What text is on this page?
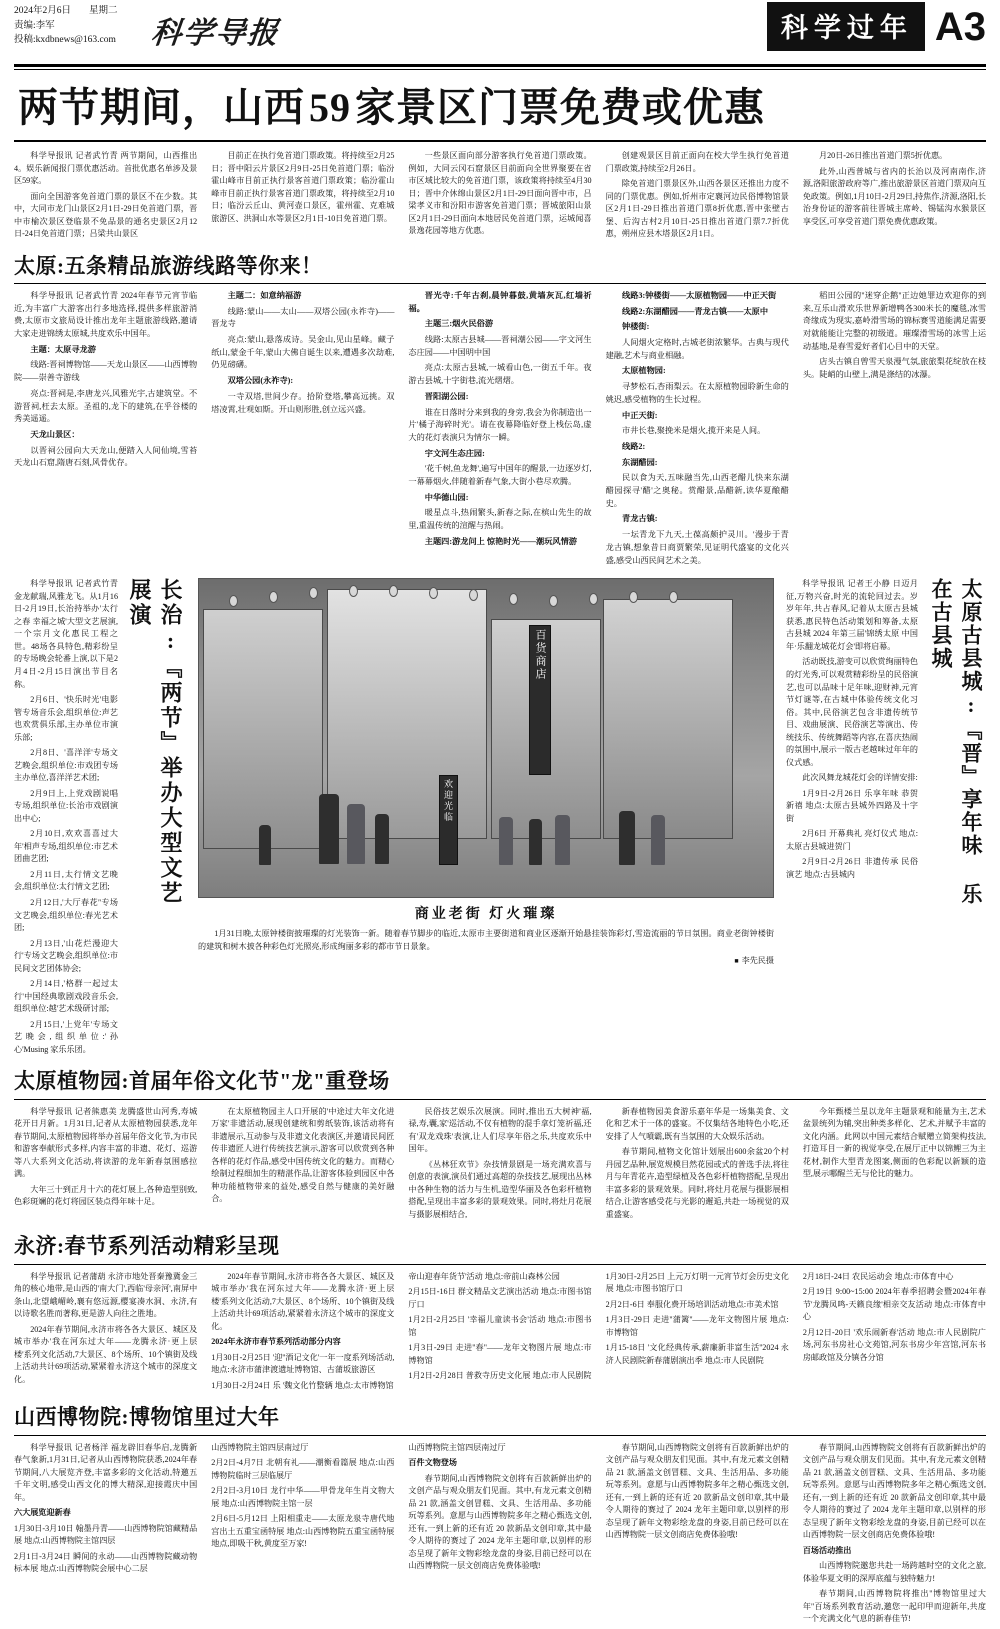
2024年2月6日 星期二
责编:李军
投稿:kxdbnews@163.com	科学导报	科学过年 A3
两节期间，山西 59 家景区门票免费或优惠

科学导报讯 记者武竹青 两节期间，山西推出4。娱乐新闻报门票优惠活动。首批优惠名单涉及景区59家。

面向全国游客免首道门票的景区不在少数。其中，大同市龙门山景区2月1日-29日免首道门票，晋中市榆次景区登临景不免品景的通名史景区2月12日-24日免首道门票；吕梁共山景区

目前正在执行免首道门票政策。将持续至2月25日；晋中阳云片景区2月9日-25日免首道门票；临汾霍山峰市目前正执行景客首道门票政策；临汾霍山峰市目前正执行景客首道门票政策，将持续至2月10日；临汾云丘山、黄河壶口景区，霍州霍、克难城旅游区、洪洞山水等景区2月1日-10日免首道门票。

一些景区面向部分游客执行免首道门票政策。例如，大同云冈石窟景区目前面向全世界聚要在省市区域比较大的免首道门票，该政策将持续至4月30日；晋中介休绵山景区2月1日-29日面向晋中市，吕梁孝义市和汾阳市游客免首道门票；晋城旅阳山景区2月1日-29日面向本地居民免首道门票，运城闻喜景逸花园等地方优惠。

创建观景区目前正面向在校大学生执行免首道门票政策,持续至2月26日。

除免首道门票景区外,山西各景区还推出力度不同的门票优惠。例如,忻州市定襄河边民俗博物馆景区2月1日-29日推出首道门票8折优惠,晋中张壁古堡、后沟古村2月10日-25日推出首道门票7.7折优惠，朔州应县木塔景区2月1日。

月20日-26日推出首道门票5折优惠。

此外,山西普城与省内的长治以及河南南作,济源,洛阳旅游政府等广,推出旅游景区首道门票双向互免政策。例如,1月10日-2月29日,持焦作,济源,洛阳,长治身份证的游客前往晋城主席岭、锡锰沟水猴景区享受区,可享受首道门票免费优惠政策。

太原:五条精品旅游线路等你来！

科学导报讯 记者武竹青 2024年春节元宵节临近,为丰富广大游客出行多地选择,提供多样旅游消费,太原市文旅局设计推出龙年主题旅游线路,邀请大家走进锦绣太原城,共度欢乐中国年。

主题：太原寻龙游

线路:晋祠博物馆——天龙山景区——山西博物院——崇善寺游线

亮点:晋祠是,李唐龙兴,风雅光宇,古建筑堂。不游晋祠,枉去太原。圣祖的,龙下的建筑,在乎谷楼的秀美遥遥。

天龙山景区：

以晋祠公园向大天龙山,便踏入人间仙境,雪苔天龙山石窟,隋唐石刻,风骨优存。

主题二：如意纳福游

线路:蒙山——太山——双塔公园(永祚寺)——晋龙寺

亮点:蒙山,悬落成诗。吴金山,见山星峰。藏子纸山,蒙金千年,蒙山大佛自诞生以来,遭遇多次劫难,仍见磅礴。

双塔公园(永祚寺):

一寺双塔,世间少存。拾阶登塔,攀高远挑。双塔凌霄,壮观如斯。开山则形胜,创立远兴盛。

晋光寺:千年古刹,晨钟暮鼓,黄墙灰瓦,红墙祈福。

主题三:烟火民俗游

线路:太原古县城——晋祠潮公园——字文河生态庄园——中国明中国

亮点:太原古县城,一城看山色,一街五千年。夜游古县城,十字街巷,流光熠熠。

晋阳湖公园:

谁在日落时分来到我的身旁,我会为你制造出一片'橘子海碎时光'。请在夜幕降临好登上栈伝岛,虚大的花灯表演只为情尔一瞬。

宇文河生态庄园:

'花千树,鱼龙舞',遍写中国年的醒景,一边逐岁灯,一幕幕烟火,伴随着新春气象,大街小巷尽欢腾。

中华德山园:

暖星点斗,热闹繁头,新春之际,在槟山先生的故里,重温传统的渲醒与热闹。

主题四:游龙问上 惊艳时光——潮玩风情游

线路3:钟楼街——太原植物园——中正天街

线路2:东湖醋园——青龙古镇——太原中

钟楼街:

人间烟火定格时,古城老街浓繁华。古典与现代建融,艺术与商业相融。

太原植物园:

寻梦松石,杏雨梨云。在太原植物园聆新生命的姚迟,感受植物的生长过程。

中正天街:

市井长巷,聚挽米是烟火,揽开来是人间。

线路2:

东湖醋园:

民以食为天,五味融当先,山西老醋儿快来东湖醋园探寻'醋'之奥秘。赏醋景,品醋新,读华夏酿醋史。

青龙古镇:

一坛青龙下九天,土葆高颇护灵川。'漫步于青龙古镇,想象昔日商贾繁荣,见证明代盛宴的文化兴盛,感受山西民间艺术之美。

稻田公园的''迷穿企鹅''正边她罪边欢迎你的到来,互乐山滑欢乐世界新增鸭各300米长的魔毯,冰雪奇缘成为现实,嘉岭滑雪场的锦标赛雪道能满足需要对就能能让完整的初级道。璀璨滑雪场的冰雪上运动基地,是春雪爱好者们心目中的天堂。

店头古镇自曾雪天泉漫气氛,旅旅梨花绽放在枝头。陡峭的山壁上,满是涤结的冰瀑。

科学导报讯 记者武竹青 金龙献瑞,风雅龙飞。从1月16日-2月19日,长治持举办'太行之春 幸福之城'大型文艺展演,一个宗月文化惠民工程之世。48场各具特色,精彩纷呈的专场晚会轮番上演,以下是2月4日-2月15日演出节目名称。

2月6日、'快乐时光'电影管专场音乐会,组织单位:声艺也欢赏俱乐部,主办单位市演乐部;

2月8日、'喜洋洋'专场文艺晚会,组织单位:市戏团专场主办单位,喜洋洋艺术团;

2月9日上,上党戏剧说唱专场,组织单位:长治市戏剧演出中心;

2月10日,欢欢喜喜过大年'相声专场,组织单位:市艺术团曲艺团;

2月11日,太行情文艺晚会,组织单位:太行情文艺团;

2月12日,'大厅春花''专场文艺晚会,组织单位:春光艺术团;

2月13日,'山花烂漫迎大行'专场文艺晚会,组织单位:市民间文艺团体协会;

2月14日,'格群一起过太行'中国经典歌剧戏段音乐会,组织单位:越'艺术级研讨部;

2月15日,'上党年'专场文艺晚会,组织单位:'孙心'Musing 家乐乐团。

长治:『两节』举办大型文艺展演
百货商店
欢迎光临
商业老街 灯火璀璨
1月31日晚,太原钟楼街披璀璨的灯光装饰一新。随着春节脚步的临近,太原市主要街道和商业区逐渐开始悬挂装饰彩灯,雪造流丽的节日氛围。商业老街钟楼街的建筑和树木披各种彩色灯光照亮,形成绚丽多彩的都市节日景象。
■ 李先民摄

科学导报讯 记者王小静 日迈月征,万物兴奋,时光的流轮回过去。岁岁年年,共占春风,记着从太原古县城获悉,惠民特色活动策划和筹备,太原古县城 2024 年第三届'锦绣太原 中国年·乐翻龙城花灯会'即将启幕。

活动既技,游变可以欣赏绚丽特色的灯光秀,可以观赏精彩纷呈的民俗演艺,也可以品味十足年味,迎财神,元宵节灯谜等,在古城中体验传统文化习俗。其中,民俗演艺包含非遗传统节目、戏曲展演、民俗演艺等演出、传统技乐、传统舞蹈等内容,在喜庆热闹的氛围中,展示一版古老越味过年年的仪式感。

此次风舞龙城花灯会的详情安排:

1月9日-2月26日 乐享年味 恭贺新禧 地点:太原古县城外四路及十字街

2月6日 开幕典礼 亮灯仪式 地点:太原古县城进贺门

2月9日-2月26日 非遗传承 民俗演艺 地点:古县城内	太原古县城:『晋』享年味 乐在古县城
太原植物园:首届年俗文化节"龙"重登场

科学导报讯 记者熊惠美 龙腾盛世山河秀,寿城花开日月新。1月31日,记者从太原植物园获悉,龙年春节期间,太原植物园将举办首届年俗文化节,为市民和游客奉献形式多样,内容丰富的非遗、花灯、巡游等八大系列文化活动,将读游的龙年新春氛围感拉满。

大年三十到正月十六的花灯展上,各种造型别致,色彩斑斓的花灯将园区装点得年味十足。

在太原植物园主人口开展的'中途过大年文化进万家'非遗活动,展现创建统和剪纸装饰,该活动将有非遗展示,互动参与及非遗文化表演区,并邀请民间匠传非遗匠人进行传统技艺演示,游客可以欣赏到各种各样的花灯作品,感受中国传统文化的魅力。而精心绘制过程细加生的精湛作品,让游客体验到园区中各种功能植物带来的益处,感受自然与健康的美好融合。

民俗技艺娱乐次展演。同时,推出五大树神'福,禄,寿,囊,家'巡活动,不仅有植物的混手拿灯笼祈福,还有'双龙戏珠'表演,让人们尽享年俗之乐,共度欢乐中国年。

《丛林狂欢节》杂技情景剧是一场充满欢喜与创意的表演,演员们通过高超的杂技技艺,展现出丛林中各种生物的活力与生机,造型华丽及各色彩杆植物搭配,呈现出丰富多彩的景观效果。同时,将灶月花展与摄影展相结合,

新春植物园美食游乐嘉年华是一场集美食、文化和艺术于一体的盛宴。不仅集结各地特色小吃,还安排了人气噴霸,既有当氛围的大众娱乐活动。

春节期间,植物文化馆计划展出600余盆20个村丹园艺品种,展览规模目然花园或式的普选手法,将往月与年青花卉,造型绿植及各色彩杆植物搭配,呈现出丰富多彩的景观效果。同时,将灶月花展与摄影展相结合,让游客感受花与光影的邂逅,共赴一场视觉的双重盛宴。

今年甄楼兰星以龙年主题景观和能量为主,艺术盆景统列为辅,突出种类多样化、艺术,并赋予丰富的文化内涵。此网以中国元素结合赋赠立简架构技法,打造耳目一新的视觉享受,在展厅正中以锦鲤三为主花材,制作大型青龙图案,侧面的色彩配以新颖的造型,展示哪醒兰无与伦比的魅力。

永济:春节系列活动精彩呈现

科学导报讯 记者蒲葫 永济市地处晋秦豫冀金三角的核心地带,是山西的'南大门',西临'母亲河',南屏中条山,北望峨嵋岭,襄有悠远源,樱宴凑水洞、永济,有以诗歌名胜而著称,更是游人向往之胜地。

2024年春节期间,永济市将各各大景区、城区及城市举办'我在河东过大年——龙腾永济·更上层楼'系列文化活动,7大景区、8个场所、10个镇街及线上活动共计69项活动,紧紧着永济这个城市的深度文化。

2024年春节期间,永济市将各各大景区、城区及城市举办'我在河东过大年——龙腾永济·更上层楼'系列文化活动,7大景区、8个场所、10个镇街及线上活动共计69项活动,紧紧着永济这个城市的深度文化。

2024年永济市春节系列活动部分内容

1月30日-2月25日 '迎''酒记文化'一年一度系列场活动,地点:永济市蒲津渡遗址博物馆、古蒲坂旅游区

1月30日-2月24日 乐 '魏文化竹整辆 地点:太市博物馆

帝山迎春年货节'活动 地点:帝前山森林公园

2月15日-16日 群文精品文艺演出活动 地点:市图书馆厅口

1月2日-2月25日 '幸福儿童读书会'活动 地点:市图书馆

1月3日-29日 走进''春''——龙年文物图片展 地点:市博物馆

1月2日-2月28日 普救寺历史文化展 地点:市人民剧院

1月30日-2月25日 上元万灯明一元宵节灯会历史文化展 地点:市图书馆厅口

2月2日-6日 奉服化费开场培训活动地点:市美术馆

1月3日-29日 走进''蒲篱''——龙年文物图片展 地点:市博物馆

1月15-18日 '文化经典传承,薪廉新非富生活''2024 永济人民剧院新春蒲剧演出季 地点:市人民剧院

2月18日-24日 农民运动会 地点:市体育中心

2月19日 9:00~15:00 2024年春季招聘会暨2024年春节'龙腾凤鸣-天籁良缘'相亲交友活动 地点:市体育中心

2月12日-20日 '欢乐闹新春'活动 地点:市人民剧院广场,河东书房社心文苑馆,河东书房少年宫馆,河东书房邮政馆及分镇各分馆

山西博物院:博物馆里过大年

科学导报讯 记者杨洋 福龙辟旧春华启,龙腾新春气象新,1月31日,记者从山西博物院获悉,2024年春节期间,八大展览齐登,丰富多彩的文化活动,特邀五千年文明,感受山西文化的博大精深,迎接霞庆中国年。

六大展览迎新春

1月30日-3月10日 翰墨丹青——山西博物院馆藏精品展 地点:山西博物院主馆四层

2月1日-3月24日 瞬间的永动——山西博物院藏动物标本展 地点:山西博物院会展中心二层

山西博物院主馆四层南过厅

2月2日-4月7日 北朝有礼——潮衡看篇展 地点:山西博物院临时三层临展厅

2月2日-3月10日 龙行中华——甲骨龙年生肖文物大展 地点:山西博物院主馆一层

2月6日-5月12日 上阳相重走——太原龙泉寺唐代地宫出土五重宝函特展 地点:山西博物院五重宝函特展地点,即吸干秋,黄度至万家!

山西博物院主馆四层南过厅

百件文物登场

春节期间,山西博物院文创将有百款新鲜出炉的文创产品与观众朋友们见面。其中,有龙元素文创精品 21 款,涵盖文创冒糕、文具、生活用品、多功能玩等系列。意愿与山西博物院多年之精心甄选文创,还有,一到上新的还有近 20 款新品文创印章,其中最令人期待的赛过了 2024 龙年主题印章,以别样的形态呈现了新年文物彩绘龙盘的身姿,目前已经可以在山西博物院一层文创商店免费体验哦!

春节期间,山西博物院文创将有百款新鲜出炉的文创产品与观众朋友们见面。其中,有龙元素文创精品 21 款,涵盖文创冒糕、文具、生活用品、多功能玩等系列。意愿与山西博物院多年之精心甄选文创,还有,一到上新的还有近 20 款新品文创印章,其中最令人期待的赛过了 2024 龙年主题印章,以别样的形态呈现了新年文物彩绘龙盘的身姿,目前已经可以在山西博物院一层文创商店免费体验哦!

春节期间,山西博物院文创将有百款新鲜出炉的文创产品与观众朋友们见面。其中,有龙元素文创精品 21 款,涵盖文创冒糕、文具、生活用品、多功能玩等系列。意愿与山西博物院多年之精心甄选文创,还有,一到上新的还有近 20 款新品文创印章,其中最令人期待的赛过了 2024 龙年主题印章,以别样的形态呈现了新年文物彩绘龙盘的身姿,目前已经可以在山西博物院一层文创商店免费体验哦!

百场活动推出

山西博物院邀您共赴一场跨越时空的文化之旅,体验华夏文明的深厚底蕴与独特魅力!

春节期间,山西博物院将推出''博物馆里过大年''百场系列教育活动,邀您一起印甲而迎新年,共度一个充满文化气息的新春佳节!
